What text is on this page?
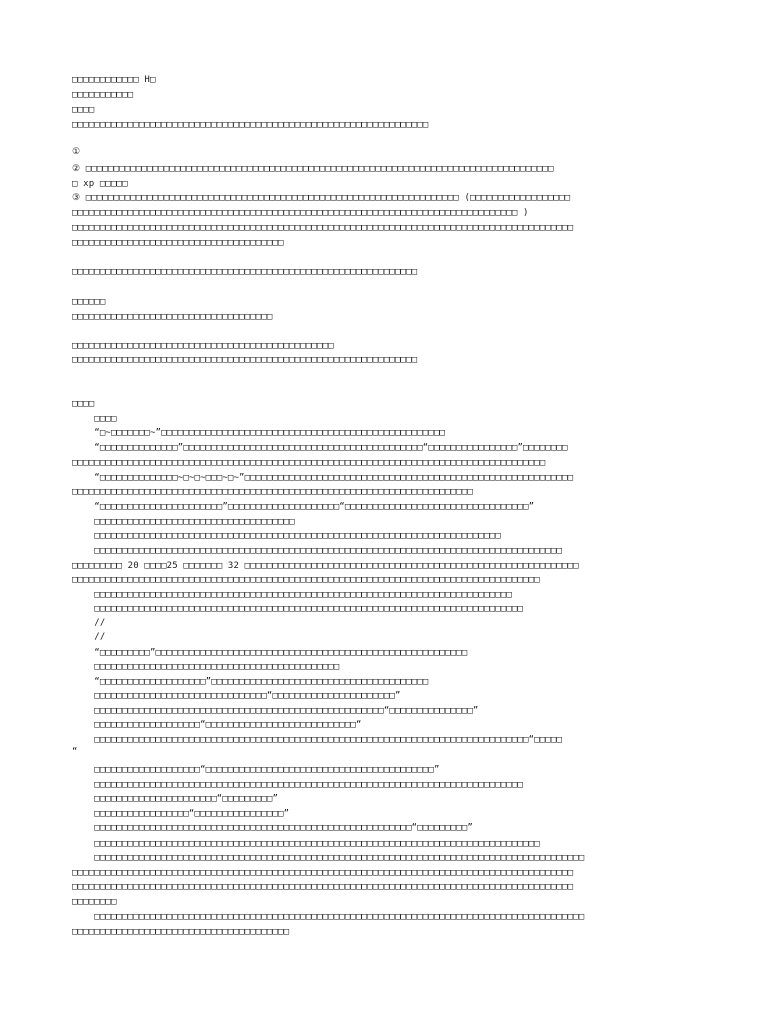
□□□□□□□□□□□□ H□
□□□□□□□□□□□
□□□□
□□□□□□□□□□□□□□□□□□□□□□□□□□□□□□□□□□□□□□□□□□□□□□□□□□□□□□□□□□□□□□□□
①
② □□□□□□□□□□□□□□□□□□□□□□□□□□□□□□□□□□□□□□□□□□□□□□□□□□□□□□□□□□□□□□□□□□□□□□□□□□□□□□□□□□□□
□ xp □□□□□
③ □□□□□□□□□□□□□□□□□□□□□□□□□□□□□□□□□□□□□□□□□□□□□□□□□□□□□□□□□□□□□□□□□□□ (□□□□□□□□□□□□□□□□□□
□□□□□□□□□□□□□□□□□□□□□□□□□□□□□□□□□□□□□□□□□□□□□□□□□□□□□□□□□□□□□□□□□□□□□□□□□□□□□□□□ )
□□□□□□□□□□□□□□□□□□□□□□□□□□□□□□□□□□□□□□□□□□□□□□□□□□□□□□□□□□□□□□□□□□□□□□□□□□□□□□□□□□□□□□□□□□
□□□□□□□□□□□□□□□□□□□□□□□□□□□□□□□□□□□□□□
□□□□□□□□□□□□□□□□□□□□□□□□□□□□□□□□□□□□□□□□□□□□□□□□□□□□□□□□□□□□□□
□□□□□□
□□□□□□□□□□□□□□□□□□□□□□□□□□□□□□□□□□□□
□□□□□□□□□□□□□□□□□□□□□□□□□□□□□□□□□□□□□□□□□□□□□□□
□□□□□□□□□□□□□□□□□□□□□□□□□□□□□□□□□□□□□□□□□□□□□□□□□□□□□□□□□□□□□□
□□□□
□□□□
“□~□□□□□□□~”□□□□□□□□□□□□□□□□□□□□□□□□□□□□□□□□□□□□□□□□□□□□□□□□□□□
“□□□□□□□□□□□□□□”□□□□□□□□□□□□□□□□□□□□□□□□□□□□□□□□□□□□□□□□□□□“□□□□□□□□□□□□□□□□”□□□□□□□□
□□□□□□□□□□□□□□□□□□□□□□□□□□□□□□□□□□□□□□□□□□□□□□□□□□□□□□□□□□□□□□□□□□□□□□□□□□□□□□□□□□□□□
“□□□□□□□□□□□□□□~□~□~□□□~□~”□□□□□□□□□□□□□□□□□□□□□□□□□□□□□□□□□□□□□□□□□□□□□□□□□□□□□□□□□□□
□□□□□□□□□□□□□□□□□□□□□□□□□□□□□□□□□□□□□□□□□□□□□□□□□□□□□□□□□□□□□□□□□□□□□□□□
“□□□□□□□□□□□□□□□□□□□□□□”□□□□□□□□□□□□□□□□□□□□“□□□□□□□□□□□□□□□□□□□□□□□□□□□□□□□□□”
□□□□□□□□□□□□□□□□□□□□□□□□□□□□□□□□□□□□
□□□□□□□□□□□□□□□□□□□□□□□□□□□□□□□□□□□□□□□□□□□□□□□□□□□□□□□□□□□□□□□□□□□□□□□□□
□□□□□□□□□□□□□□□□□□□□□□□□□□□□□□□□□□□□□□□□□□□□□□□□□□□□□□□□□□□□□□□□□□□□□□□□□□□□□□□□□□□□
□□□□□□□□□ 20 □□□□25 □□□□□□□ 32 □□□□□□□□□□□□□□□□□□□□□□□□□□□□□□□□□□□□□□□□□□□□□□□□□□□□□□□□□□□□
□□□□□□□□□□□□□□□□□□□□□□□□□□□□□□□□□□□□□□□□□□□□□□□□□□□□□□□□□□□□□□□□□□□□□□□□□□□□□□□□□□□□
□□□□□□□□□□□□□□□□□□□□□□□□□□□□□□□□□□□□□□□□□□□□□□□□□□□□□□□□□□□□□□□□□□□□□□□□□□□
□□□□□□□□□□□□□□□□□□□□□□□□□□□□□□□□□□□□□□□□□□□□□□□□□□□□□□□□□□□□□□□□□□□□□□□□□□□□□
//
//
“□□□□□□□□□”□□□□□□□□□□□□□□□□□□□□□□□□□□□□□□□□□□□□□□□□□□□□□□□□□□□□□□□□
□□□□□□□□□□□□□□□□□□□□□□□□□□□□□□□□□□□□□□□□□□□□
“□□□□□□□□□□□□□□□□□□□”□□□□□□□□□□□□□□□□□□□□□□□□□□□□□□□□□□□□□□□
□□□□□□□□□□□□□□□□□□□□□□□□□□□□□□□“□□□□□□□□□□□□□□□□□□□□□□”
□□□□□□□□□□□□□□□□□□□□□□□□□□□□□□□□□□□□□□□□□□□□□□□□□□□□“□□□□□□□□□□□□□□□”
□□□□□□□□□□□□□□□□□□□“□□□□□□□□□□□□□□□□□□□□□□□□□□□“
□□□□□□□□□□□□□□□□□□□□□□□□□□□□□□□□□□□□□□□□□□□□□□□□□□□□□□□□□□□□□□□□□□□□□□□□□□□□□□“□□□□□
“
□□□□□□□□□□□□□□□□□□□“□□□□□□□□□□□□□□□□□□□□□□□□□□□□□□□□□□□□□□□□□”
□□□□□□□□□□□□□□□□□□□□□□□□□□□□□□□□□□□□□□□□□□□□□□□□□□□□□□□□□□□□□□□□□□□□□□□□□□□□□
□□□□□□□□□□□□□□□□□□□□□□“□□□□□□□□□”
□□□□□□□□□□□□□□□□□“□□□□□□□□□□□□□□□□”
□□□□□□□□□□□□□□□□□□□□□□□□□□□□□□□□□□□□□□□□□□□□□□□□□□□□□□□□□“□□□□□□□□□”
□□□□□□□□□□□□□□□□□□□□□□□□□□□□□□□□□□□□□□□□□□□□□□□□□□□□□□□□□□□□□□□□□□□□□□□□□□□□□□□□
□□□□□□□□□□□□□□□□□□□□□□□□□□□□□□□□□□□□□□□□□□□□□□□□□□□□□□□□□□□□□□□□□□□□□□□□□□□□□□□□□□□□□□□□
□□□□□□□□□□□□□□□□□□□□□□□□□□□□□□□□□□□□□□□□□□□□□□□□□□□□□□□□□□□□□□□□□□□□□□□□□□□□□□□□□□□□□□□□□□
□□□□□□□□□□□□□□□□□□□□□□□□□□□□□□□□□□□□□□□□□□□□□□□□□□□□□□□□□□□□□□□□□□□□□□□□□□□□□□□□□□□□□□□□□□
□□□□□□□□
□□□□□□□□□□□□□□□□□□□□□□□□□□□□□□□□□□□□□□□□□□□□□□□□□□□□□□□□□□□□□□□□□□□□□□□□□□□□□□□□□□□□□□□□
□□□□□□□□□□□□□□□□□□□□□□□□□□□□□□□□□□□□□□□
